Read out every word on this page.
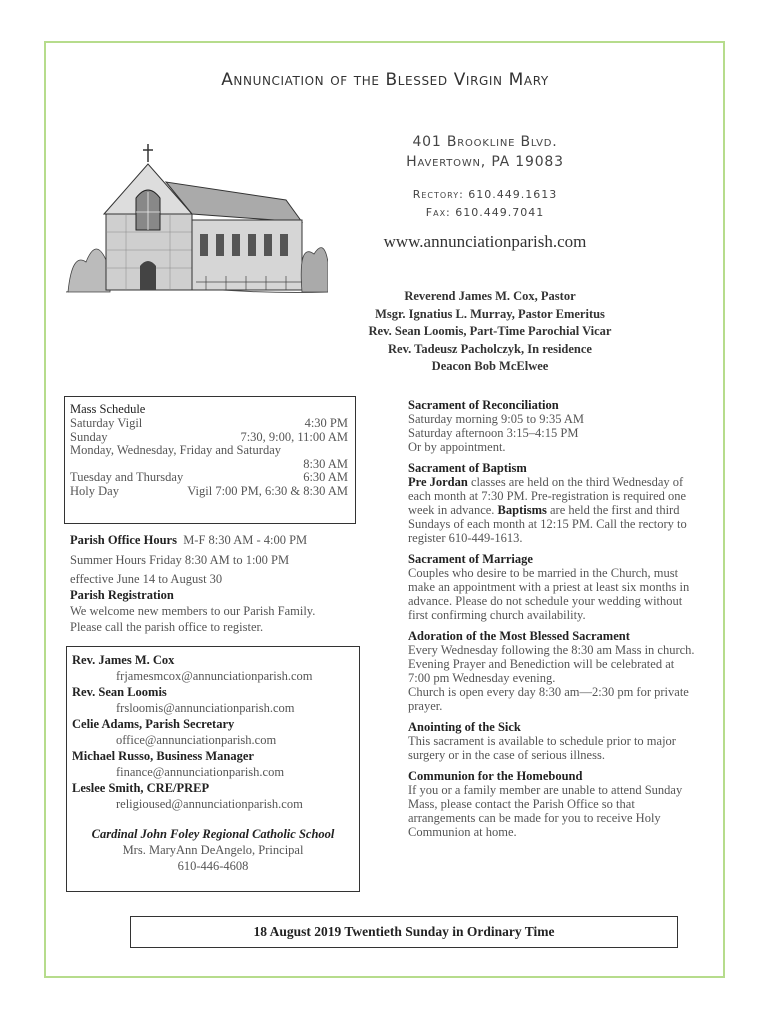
Annunciation of the Blessed Virgin Mary
401 Brookline Blvd.
Havertown, PA 19083
Rectory: 610.449.1613
Fax: 610.449.7041
www.annunciationparish.com
Reverend James M. Cox, Pastor
Msgr. Ignatius L. Murray, Pastor Emeritus
Rev. Sean Loomis, Part-Time Parochial Vicar
Rev. Tadeusz Pacholczyk, In residence
Deacon Bob McElwee
Mass Schedule
Saturday Vigil	4:30 PM
Sunday	7:30, 9:00, 11:00 AM
Monday, Wednesday, Friday and Saturday
8:30 AM
Tuesday and Thursday	6:30 AM
Holy Day	Vigil 7:00 PM, 6:30 & 8:30 AM
Parish Office Hours M-F 8:30 AM - 4:00 PM
Summer Hours Friday 8:30 AM to 1:00 PM
effective June 14 to August 30
Parish Registration
We welcome new members to our Parish Family.
Please call the parish office to register.
Rev. James M. Cox
frjamesmcox@annunciationparish.com
Rev. Sean Loomis
frsloomis@annunciationparish.com
Celie Adams, Parish Secretary
office@annunciationparish.com
Michael Russo, Business Manager
finance@annunciationparish.com
Leslee Smith, CRE/PREP
religioused@annunciationparish.com
Cardinal John Foley Regional Catholic School
Mrs. MaryAnn DeAngelo, Principal
610-446-4608
Sacrament of Reconciliation
Saturday morning 9:05 to 9:35 AM
Saturday afternoon 3:15–4:15 PM
Or by appointment.
Sacrament of Baptism
Pre Jordan classes are held on the third Wednesday of each month at 7:30 PM. Pre-registration is required one week in advance. Baptisms are held the first and third Sundays of each month at 12:15 PM. Call the rectory to register 610-449-1613.
Sacrament of Marriage
Couples who desire to be married in the Church, must make an appointment with a priest at least six months in advance. Please do not schedule your wedding without first confirming church availability.
Adoration of the Most Blessed Sacrament
Every Wednesday following the 8:30 am Mass in church. Evening Prayer and Benediction will be celebrated at 7:00 pm Wednesday evening.
Church is open every day 8:30 am—2:30 pm for private prayer.
Anointing of the Sick
This sacrament is available to schedule prior to major surgery or in the case of serious illness.
Communion for the Homebound
If you or a family member are unable to attend Sunday Mass, please contact the Parish Office so that arrangements can be made for you to receive Holy Communion at home.
18 August 2019 Twentieth Sunday in Ordinary Time
